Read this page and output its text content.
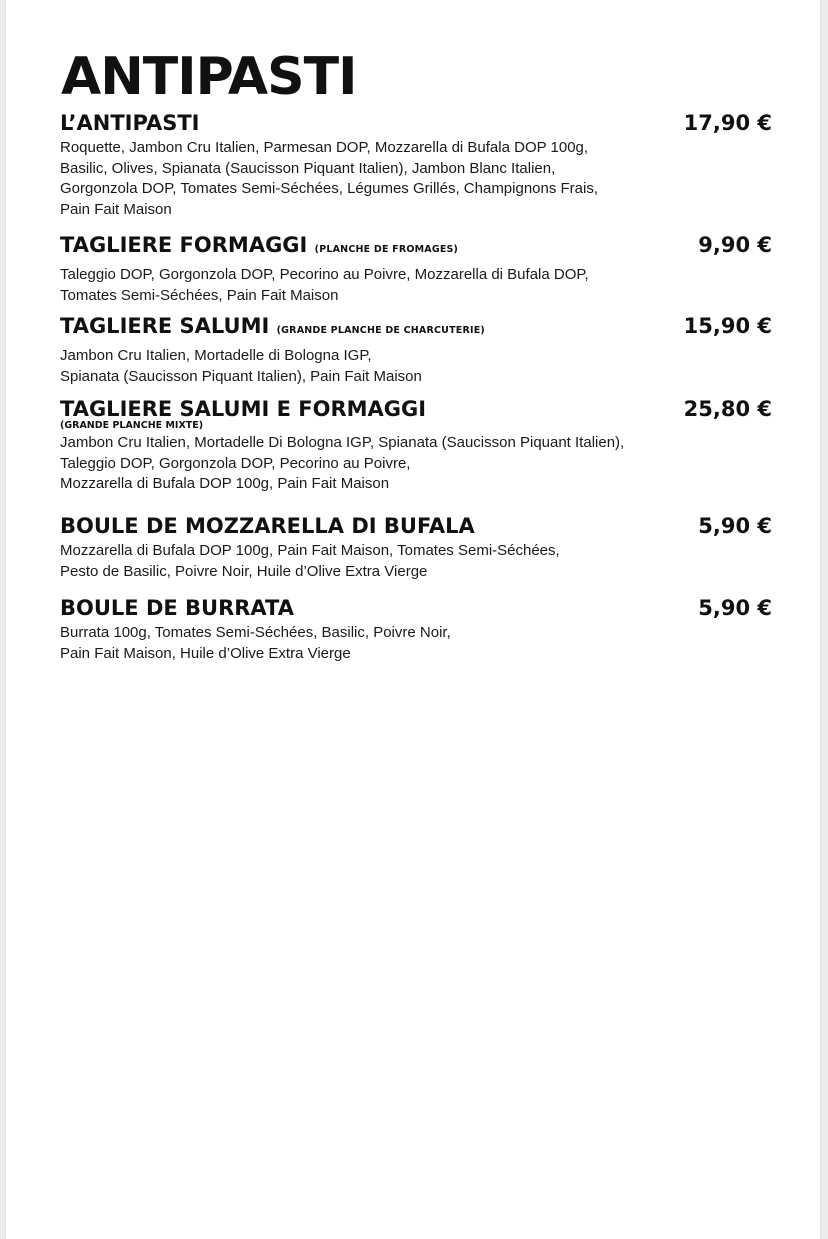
ANTIPASTI
L’ANTIPASTI	17,90 €
Roquette, Jambon Cru Italien, Parmesan DOP, Mozzarella di Bufala DOP 100g,
Basilic, Olives, Spianata (Saucisson Piquant Italien), Jambon Blanc Italien,
Gorgonzola DOP, Tomates Semi-Séchées, Légumes Grillés, Champignons Frais,
Pain Fait Maison
TAGLIERE FORMAGGI (PLANCHE DE FROMAGES)	9,90 €
Taleggio DOP, Gorgonzola DOP, Pecorino au Poivre, Mozzarella di Bufala DOP,
Tomates Semi-Séchées, Pain Fait Maison
TAGLIERE SALUMI (GRANDE PLANCHE DE CHARCUTERIE)	15,90 €
Jambon Cru Italien, Mortadelle di Bologna IGP,
Spianata (Saucisson Piquant Italien), Pain Fait Maison
TAGLIERE SALUMI E FORMAGGI
(GRANDE PLANCHE MIXTE)
25,80 €
Jambon Cru Italien, Mortadelle Di Bologna IGP, Spianata (Saucisson Piquant Italien),
Taleggio DOP, Gorgonzola DOP, Pecorino au Poivre,
Mozzarella di Bufala DOP 100g, Pain Fait Maison
BOULE DE MOZZARELLA DI BUFALA	5,90 €
Mozzarella di Bufala DOP 100g, Pain Fait Maison, Tomates Semi-Séchées,
Pesto de Basilic, Poivre Noir, Huile d’Olive Extra Vierge
BOULE DE BURRATA	5,90 €
Burrata 100g, Tomates Semi-Séchées, Basilic, Poivre Noir,
Pain Fait Maison, Huile d’Olive Extra Vierge
